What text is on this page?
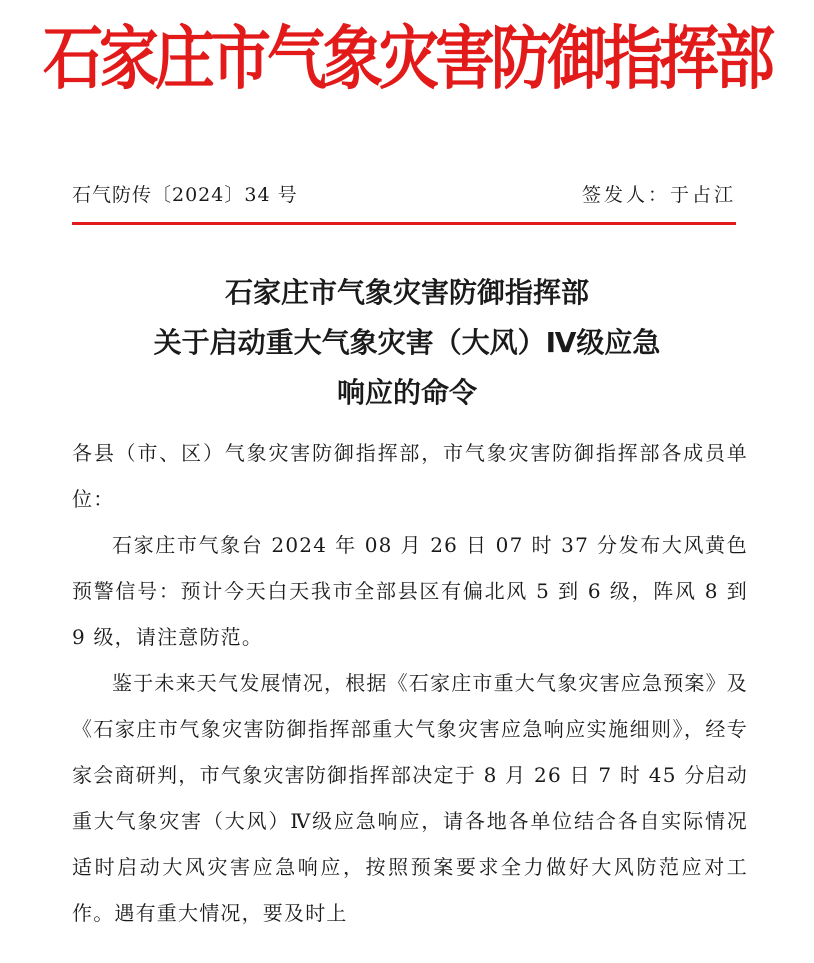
石家庄市气象灾害防御指挥部
石气防传〔2024〕34 号	签发人：于占江
石家庄市气象灾害防御指挥部
关于启动重大气象灾害（大风）Ⅳ级应急
响应的命令

各县（市、区）气象灾害防御指挥部，市气象灾害防御指挥部各成员单位：

石家庄市气象台 2024 年 08 月 26 日 07 时 37 分发布大风黄色预警信号：预计今天白天我市全部县区有偏北风 5 到 6 级，阵风 8 到 9 级，请注意防范。

鉴于未来天气发展情况，根据《石家庄市重大气象灾害应急预案》及《石家庄市气象灾害防御指挥部重大气象灾害应急响应实施细则》，经专家会商研判，市气象灾害防御指挥部决定于 8 月 26 日 7 时 45 分启动重大气象灾害（大风）Ⅳ级应急响应，请各地各单位结合各自实际情况适时启动大风灾害应急响应，按照预案要求全力做好大风防范应对工作。遇有重大情况，要及时上
